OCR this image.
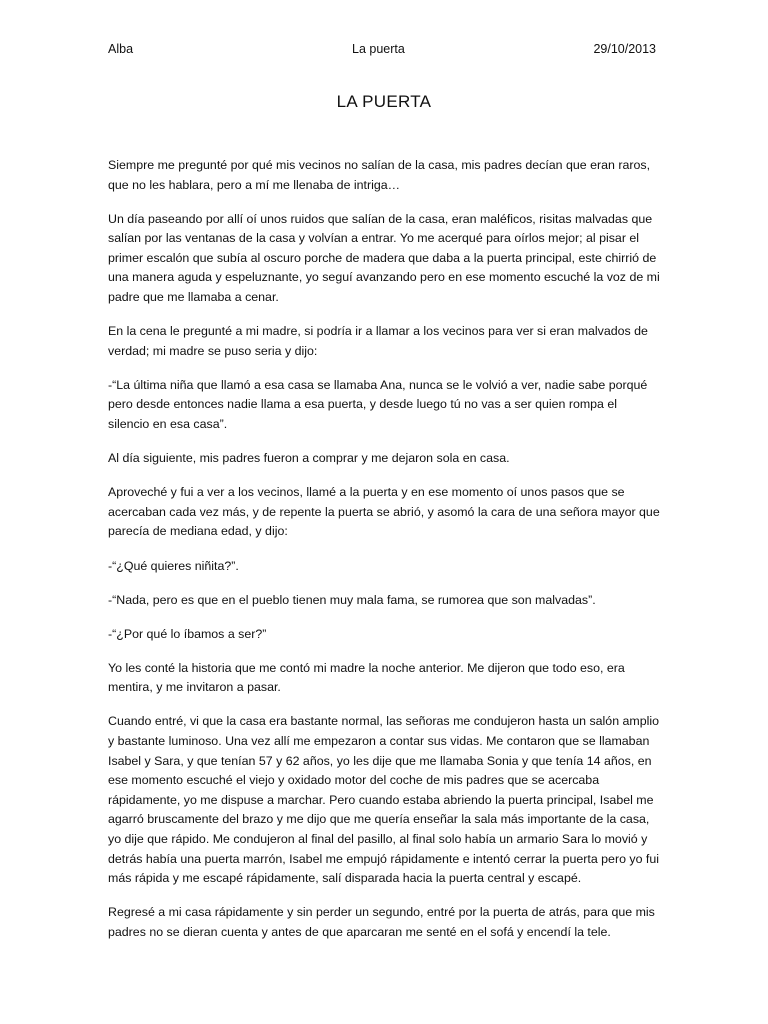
Alba	La puerta	29/10/2013
LA PUERTA

Siempre me pregunté por qué mis vecinos no salían de la casa, mis padres decían que eran raros, que no les hablara, pero a mí me llenaba de intriga…

Un día paseando por allí oí unos ruidos que salían de la casa, eran maléficos, risitas malvadas que salían por las ventanas de la casa y volvían a entrar. Yo me acerqué para oírlos mejor; al pisar el primer escalón que subía al oscuro porche de madera que daba a la puerta principal, este chirrió de una manera aguda y espeluznante, yo seguí avanzando pero en ese momento escuché la voz de mi padre que me llamaba a cenar.

En la cena le pregunté a mi madre, si podría ir a llamar a los vecinos para ver si eran malvados de verdad; mi madre se puso seria y dijo:

-“La última niña que llamó a esa casa se llamaba Ana, nunca se le volvió a ver, nadie sabe porqué pero desde entonces nadie llama a esa puerta, y desde luego tú no vas a ser quien rompa el silencio en esa casa”.

Al día siguiente, mis padres fueron a comprar y me dejaron sola en casa.

Aproveché y fui a ver a los vecinos, llamé a la puerta y en ese momento oí unos pasos que se acercaban cada vez más, y de repente la puerta se abrió, y asomó la cara de una señora mayor que parecía de mediana edad, y dijo:

-“¿Qué quieres niñita?”.

-“Nada, pero es que en el pueblo tienen muy mala fama, se rumorea que son malvadas”.

-“¿Por qué lo íbamos a ser?”

Yo les conté la historia que me contó mi madre la noche anterior. Me dijeron que todo eso, era mentira, y me invitaron a pasar.

Cuando entré, vi que la casa era bastante normal, las señoras me condujeron hasta un salón amplio y bastante luminoso. Una vez allí me empezaron a contar sus vidas. Me contaron que se llamaban Isabel y Sara, y que tenían 57 y 62 años, yo les dije que me llamaba Sonia y que tenía 14 años, en ese momento escuché el viejo y oxidado motor del coche de mis padres que se acercaba rápidamente, yo me dispuse a marchar. Pero cuando estaba abriendo la puerta principal, Isabel me agarró bruscamente del brazo y me dijo que me quería enseñar la sala más importante de la casa, yo dije que rápido. Me condujeron al final del pasillo, al final solo había un armario Sara lo movió y detrás había una puerta marrón, Isabel me empujó rápidamente e intentó cerrar la puerta pero yo fui más rápida y me escapé rápidamente, salí disparada hacia la puerta central y escapé.

Regresé a mi casa rápidamente y sin perder un segundo, entré por la puerta de atrás, para que mis padres no se dieran cuenta y antes de que aparcaran me senté en el sofá y encendí la tele.
